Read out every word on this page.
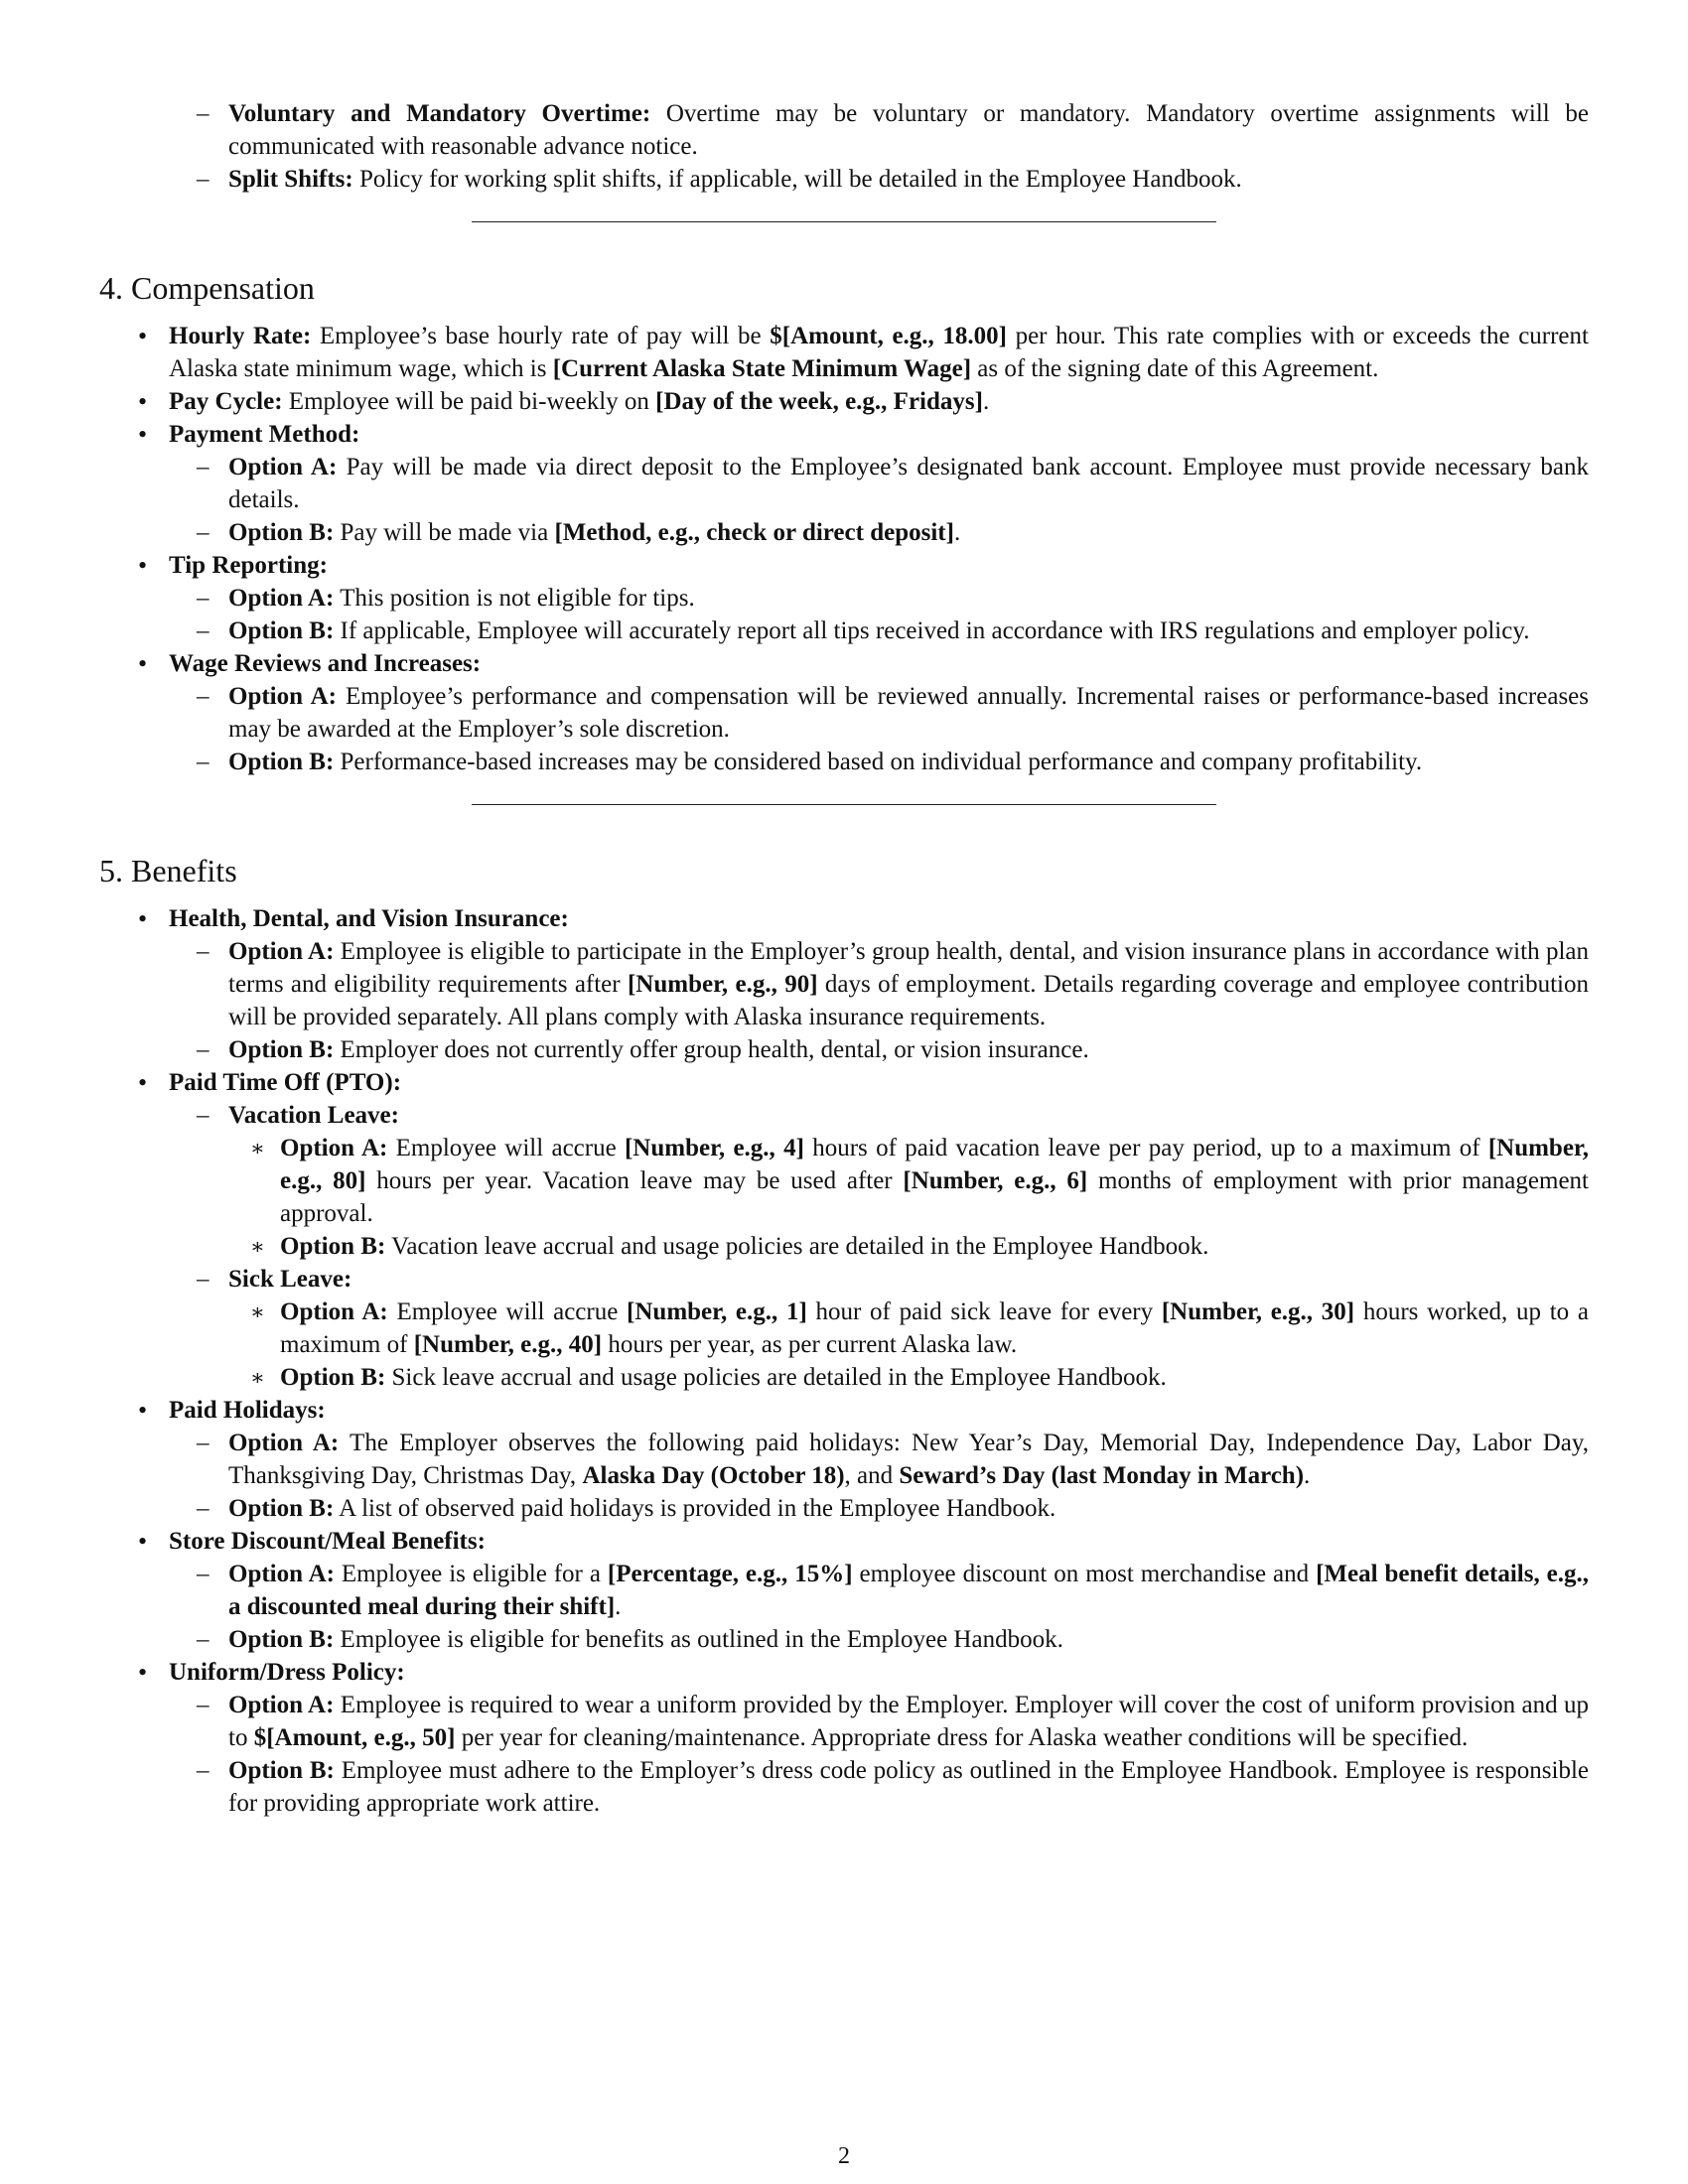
– Voluntary and Mandatory Overtime: Overtime may be voluntary or mandatory. Mandatory overtime assignments will be communicated with reasonable advance notice.
– Split Shifts: Policy for working split shifts, if applicable, will be detailed in the Employee Handbook.
4. Compensation
• Hourly Rate: Employee’s base hourly rate of pay will be $[Amount, e.g., 18.00] per hour. This rate complies with or exceeds the current Alaska state minimum wage, which is [Current Alaska State Minimum Wage] as of the signing date of this Agreement.
• Pay Cycle: Employee will be paid bi-weekly on [Day of the week, e.g., Fridays].
• Payment Method:
– Option A: Pay will be made via direct deposit to the Employee’s designated bank account. Employee must provide necessary bank details.
– Option B: Pay will be made via [Method, e.g., check or direct deposit].
• Tip Reporting:
– Option A: This position is not eligible for tips.
– Option B: If applicable, Employee will accurately report all tips received in accordance with IRS regulations and employer policy.
• Wage Reviews and Increases:
– Option A: Employee’s performance and compensation will be reviewed annually. Incremental raises or performance-based increases may be awarded at the Employer’s sole discretion.
– Option B: Performance-based increases may be considered based on individual performance and company profitability.
5. Benefits
• Health, Dental, and Vision Insurance:
– Option A: Employee is eligible to participate in the Employer’s group health, dental, and vision insurance plans in accordance with plan terms and eligibility requirements after [Number, e.g., 90] days of employment. Details regarding coverage and employee contribution will be provided separately. All plans comply with Alaska insurance requirements.
– Option B: Employer does not currently offer group health, dental, or vision insurance.
• Paid Time Off (PTO):
– Vacation Leave:
∗ Option A: Employee will accrue [Number, e.g., 4] hours of paid vacation leave per pay period, up to a maximum of [Number, e.g., 80] hours per year. Vacation leave may be used after [Number, e.g., 6] months of employment with prior management approval.
∗ Option B: Vacation leave accrual and usage policies are detailed in the Employee Handbook.
– Sick Leave:
∗ Option A: Employee will accrue [Number, e.g., 1] hour of paid sick leave for every [Number, e.g., 30] hours worked, up to a maximum of [Number, e.g., 40] hours per year, as per current Alaska law.
∗ Option B: Sick leave accrual and usage policies are detailed in the Employee Handbook.
• Paid Holidays:
– Option A: The Employer observes the following paid holidays: New Year’s Day, Memorial Day, Independence Day, Labor Day, Thanksgiving Day, Christmas Day, Alaska Day (October 18), and Seward’s Day (last Monday in March).
– Option B: A list of observed paid holidays is provided in the Employee Handbook.
• Store Discount/Meal Benefits:
– Option A: Employee is eligible for a [Percentage, e.g., 15%] employee discount on most merchandise and [Meal benefit details, e.g., a discounted meal during their shift].
– Option B: Employee is eligible for benefits as outlined in the Employee Handbook.
• Uniform/Dress Policy:
– Option A: Employee is required to wear a uniform provided by the Employer. Employer will cover the cost of uniform provision and up to $[Amount, e.g., 50] per year for cleaning/maintenance. Appropriate dress for Alaska weather conditions will be specified.
– Option B: Employee must adhere to the Employer’s dress code policy as outlined in the Employee Handbook. Employee is responsible for providing appropriate work attire.
2
